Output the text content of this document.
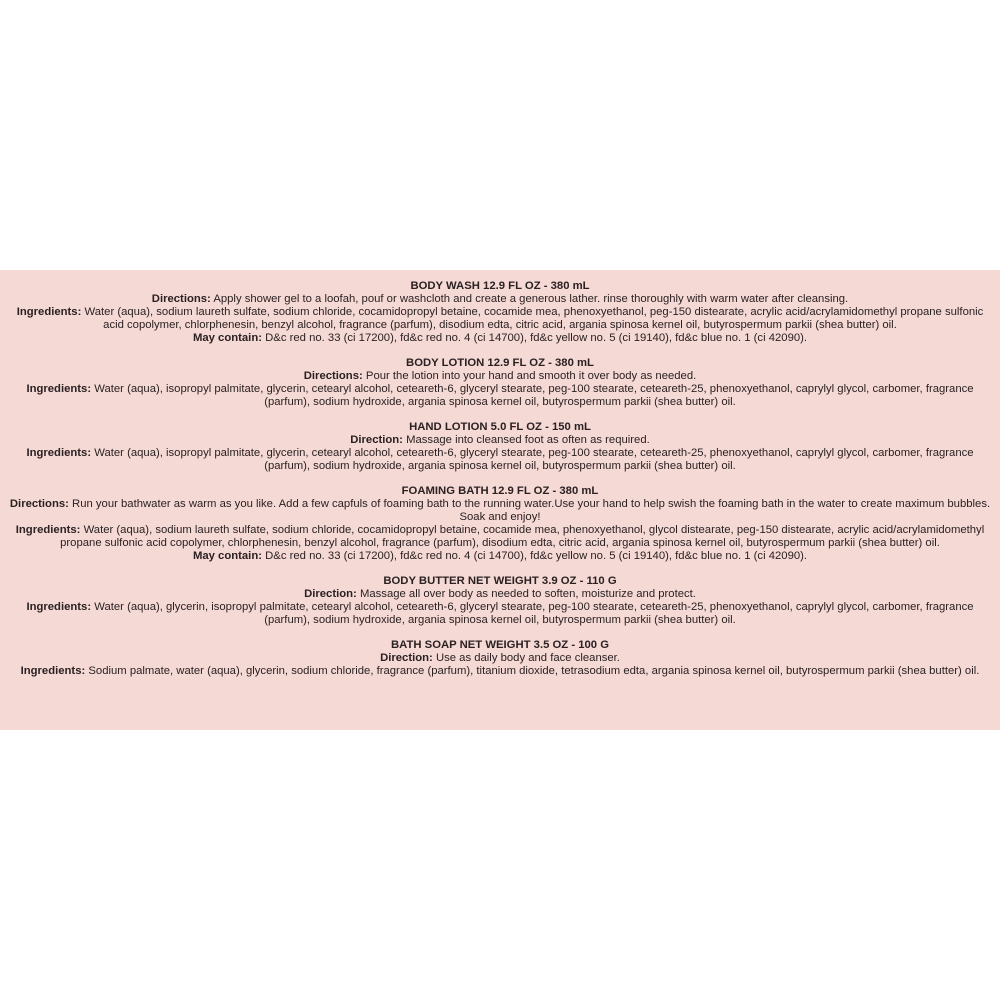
BODY WASH 12.9 FL OZ - 380 mL
Directions: Apply shower gel to a loofah, pouf or washcloth and create a generous lather. rinse thoroughly with warm water after cleansing.
Ingredients: Water (aqua), sodium laureth sulfate, sodium chloride, cocamidopropyl betaine, cocamide mea, phenoxyethanol, peg-150 distearate, acrylic acid/acrylamidomethyl propane sulfonic acid copolymer, chlorphenesin, benzyl alcohol, fragrance (parfum), disodium edta, citric acid, argania spinosa kernel oil, butyrospermum parkii (shea butter) oil.
May contain: D&c red no. 33 (ci 17200), fd&c red no. 4 (ci 14700), fd&c yellow no. 5 (ci 19140), fd&c blue no. 1 (ci 42090).
BODY LOTION 12.9 FL OZ - 380 mL
Directions: Pour the lotion into your hand and smooth it over body as needed.
Ingredients: Water (aqua), isopropyl palmitate, glycerin, cetearyl alcohol, ceteareth-6, glyceryl stearate, peg-100 stearate, ceteareth-25, phenoxyethanol, caprylyl glycol, carbomer, fragrance (parfum), sodium hydroxide, argania spinosa kernel oil, butyrospermum parkii (shea butter) oil.
HAND LOTION 5.0 FL OZ - 150 mL
Direction: Massage into cleansed foot as often as required.
Ingredients: Water (aqua), isopropyl palmitate, glycerin, cetearyl alcohol, ceteareth-6, glyceryl stearate, peg-100 stearate, ceteareth-25, phenoxyethanol, caprylyl glycol, carbomer, fragrance (parfum), sodium hydroxide, argania spinosa kernel oil, butyrospermum parkii (shea butter) oil.
FOAMING BATH 12.9 FL OZ - 380 mL
Directions: Run your bathwater as warm as you like. Add a few capfuls of foaming bath to the running water.Use your hand to help swish the foaming bath in the water to create maximum bubbles. Soak and enjoy!
Ingredients: Water (aqua), sodium laureth sulfate, sodium chloride, cocamidopropyl betaine, cocamide mea, phenoxyethanol, glycol distearate, peg-150 distearate, acrylic acid/acrylamidomethyl propane sulfonic acid copolymer, chlorphenesin, benzyl alcohol, fragrance (parfum), disodium edta, citric acid, argania spinosa kernel oil, butyrospermum parkii (shea butter) oil.
May contain: D&c red no. 33 (ci 17200), fd&c red no. 4 (ci 14700), fd&c yellow no. 5 (ci 19140), fd&c blue no. 1 (ci 42090).
BODY BUTTER NET WEIGHT 3.9 OZ - 110 G
Direction: Massage all over body as needed to soften, moisturize and protect.
Ingredients: Water (aqua), glycerin, isopropyl palmitate, cetearyl alcohol, ceteareth-6, glyceryl stearate, peg-100 stearate, ceteareth-25, phenoxyethanol, caprylyl glycol, carbomer, fragrance (parfum), sodium hydroxide, argania spinosa kernel oil, butyrospermum parkii (shea butter) oil.
BATH SOAP NET WEIGHT 3.5 OZ - 100 G
Direction: Use as daily body and face cleanser.
Ingredients: Sodium palmate, water (aqua), glycerin, sodium chloride, fragrance (parfum), titanium dioxide, tetrasodium edta, argania spinosa kernel oil, butyrospermum parkii (shea butter) oil.
